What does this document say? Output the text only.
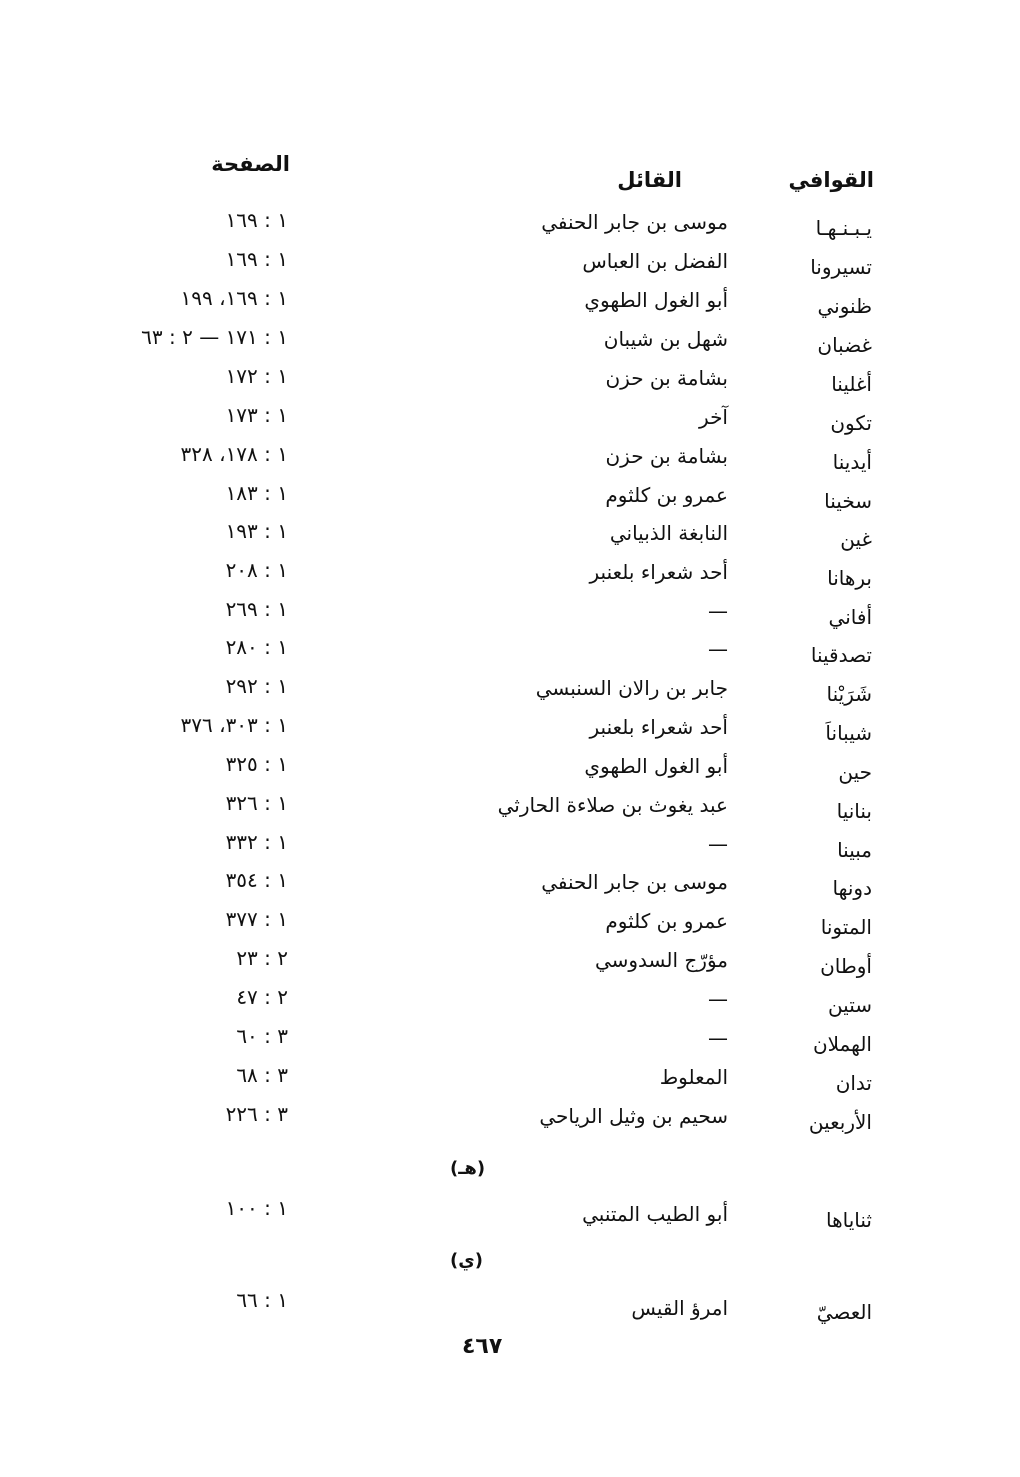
القوافي
القائل
الصفحة
يـبـنـهـا
موسى بن جابر الحنفي
١ : ١٦٩
تسيرونا
الفضل بن العباس
١ : ١٦٩
ظنوني
أبو الغول الطهوي
١ : ١٦٩، ١٩٩
غضبان
شهل بن شيبان
١ : ١٧١ — ٢ : ٦٣
أغلينا
بشامة بن حزن
١ : ١٧٢
تكون
آخر
١ : ١٧٣
أيدينا
بشامة بن حزن
١ : ١٧٨، ٣٢٨
سخينا
عمرو بن كلثوم
١ : ١٨٣
غين
النابغة الذبياني
١ : ١٩٣
برهانا
أحد شعراء بلعنبر
١ : ٢٠٨
أفاني
—
١ : ٢٦٩
تصدقينا
—
١ : ٢٨٠
شَرَيْنا
جابر بن رالان السنبسي
١ : ٢٩٢
شيباناَ
أحد شعراء بلعنبر
١ : ٣٠٣، ٣٧٦
حين
أبو الغول الطهوي
١ : ٣٢٥
بنانيا
عبد يغوث بن صلاءة الحارثي
١ : ٣٢٦
مبينا
—
١ : ٣٣٢
دونها
موسى بن جابر الحنفي
١ : ٣٥٤
المتونا
عمرو بن كلثوم
١ : ٣٧٧
أوطان
مؤرّج السدوسي
٢ : ٢٣
ستين
—
٢ : ٤٧
الهملان
—
٣ : ٦٠
تدان
المعلوط
٣ : ٦٨
الأربعين
سحيم بن وثيل الرياحي
٣ : ٢٢٦
(هـ)
ثناياها
أبو الطيب المتنبي
١ : ١٠٠
(ي)
العصيّ
امرؤ القيس
١ : ٦٦
٤٦٧
